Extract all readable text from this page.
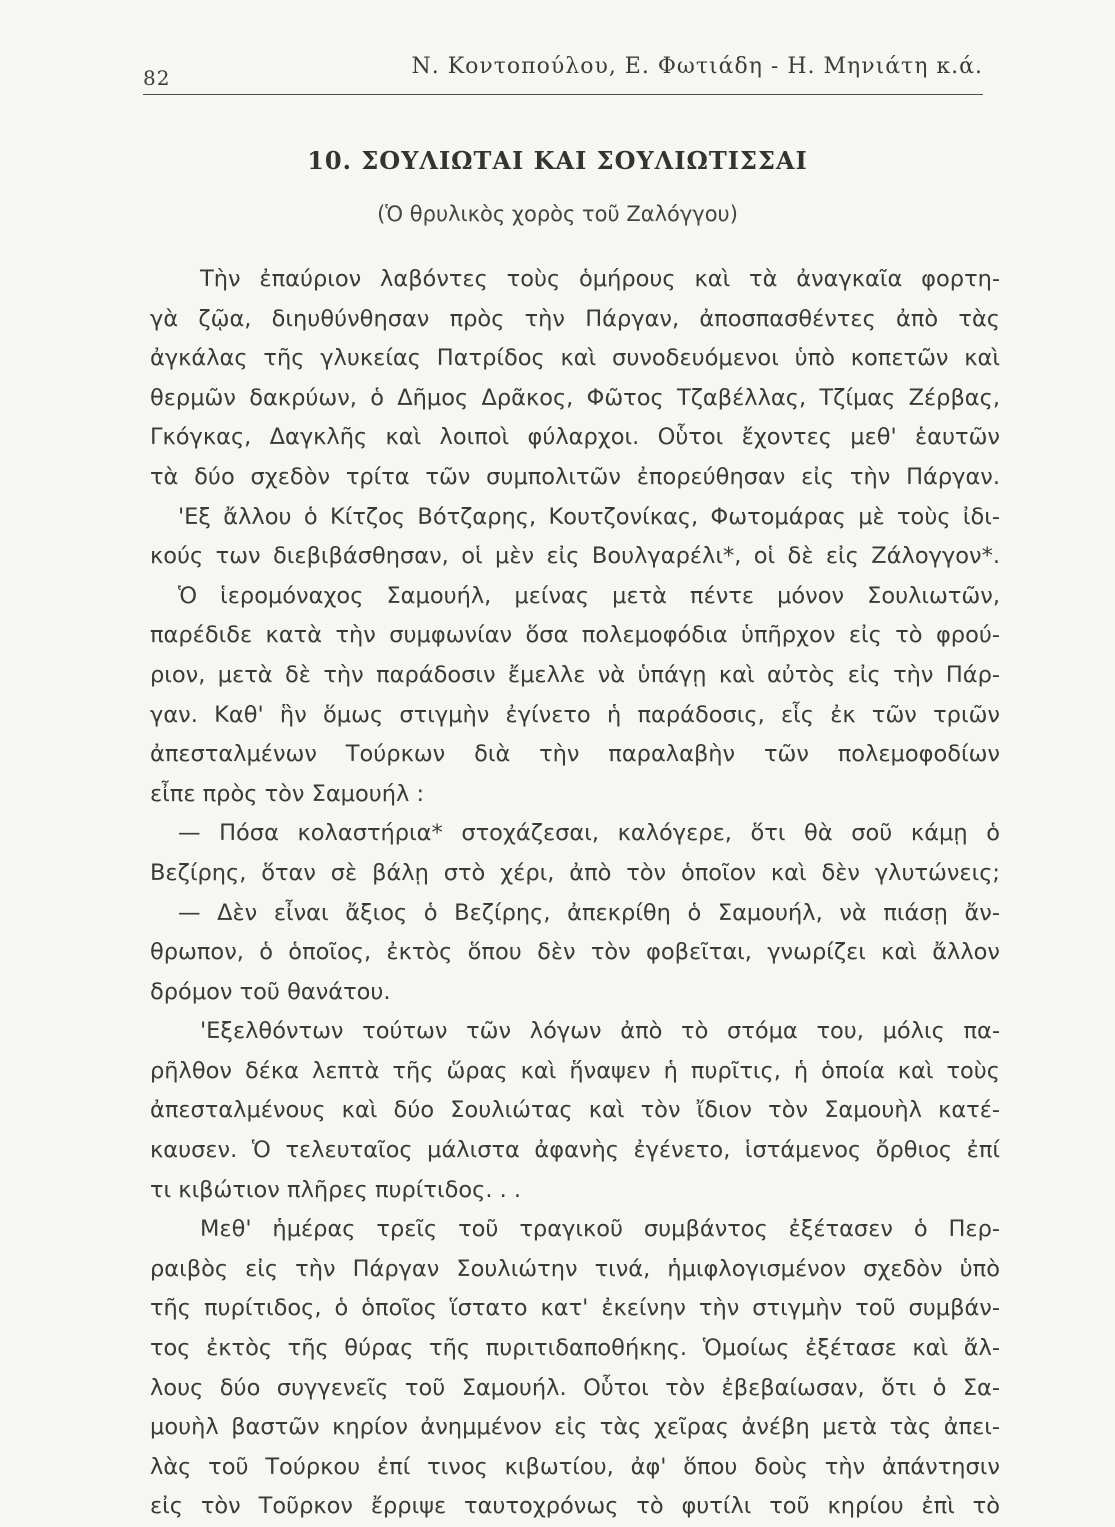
82	Ν. Κοντοπούλου, Ε. Φωτιάδη - Η. Μηνιάτη κ.ά.
10. ΣΟΥΛΙΩΤΑΙ ΚΑΙ ΣΟΥΛΙΩΤΙΣΣΑΙ
(Ὁ θρυλικὸς χορὸς τοῦ Ζαλόγγου)
Τὴν ἐπαύριον λαβόντες τοὺς ὁμήρους καὶ τὰ ἀναγκαῖα φορτη-
γὰ ζῷα, διηυθύνθησαν πρὸς τὴν Πάργαν, ἀποσπασθέντες ἀπὸ τὰς
ἀγκάλας τῆς γλυκείας Πατρίδος καὶ συνοδευόμενοι ὑπὸ κοπετῶν καὶ
θερμῶν δακρύων, ὁ Δῆμος Δρᾶκος, Φῶτος Τζαβέλλας, Τζίμας Ζέρβας,
Γκόγκας, Δαγκλῆς καὶ λοιποὶ φύλαρχοι. Οὗτοι ἔχοντες μεθ' ἑαυτῶν
τὰ δύο σχεδὸν τρίτα τῶν συμπολιτῶν ἐπορεύθησαν εἰς τὴν Πάργαν.
'Εξ ἄλλου ὁ Κίτζος Βότζαρης, Κουτζονίκας, Φωτομάρας μὲ τοὺς ἰδι-
κούς των διεβιβάσθησαν, οἱ μὲν εἰς Βουλγαρέλι*, οἱ δὲ εἰς Ζάλογγον*.
Ὁ ἱερομόναχος Σαμουήλ, μείνας μετὰ πέντε μόνον Σουλιωτῶν,
παρέδιδε κατὰ τὴν συμφωνίαν ὅσα πολεμοφόδια ὑπῆρχον εἰς τὸ φρού-
ριον, μετὰ δὲ τὴν παράδοσιν ἔμελλε νὰ ὑπάγῃ καὶ αὐτὸς εἰς τὴν Πάρ-
γαν. Καθ' ἣν ὅμως στιγμὴν ἐγίνετο ἡ παράδοσις, εἷς ἐκ τῶν τριῶν
ἀπεσταλμένων Τούρκων διὰ τὴν παραλαβὴν τῶν πολεμοφοδίων
εἶπε πρὸς τὸν Σαμουήλ :
— Πόσα κολαστήρια* στοχάζεσαι, καλόγερε, ὅτι θὰ σοῦ κάμῃ ὁ
Βεζίρης, ὅταν σὲ βάλῃ στὸ χέρι, ἀπὸ τὸν ὁποῖον καὶ δὲν γλυτώνεις;
— Δὲν εἶναι ἄξιος ὁ Βεζίρης, ἀπεκρίθη ὁ Σαμουήλ, νὰ πιάσῃ ἄν-
θρωπον, ὁ ὁποῖος, ἐκτὸς ὅπου δὲν τὸν φοβεῖται, γνωρίζει καὶ ἄλλον
δρόμον τοῦ θανάτου.
'Εξελθόντων τούτων τῶν λόγων ἀπὸ τὸ στόμα του, μόλις πα-
ρῆλθον δέκα λεπτὰ τῆς ὥρας καὶ ἥναψεν ἡ πυρῖτις, ἡ ὁποία καὶ τοὺς
ἀπεσταλμένους καὶ δύο Σουλιώτας καὶ τὸν ἴδιον τὸν Σαμουὴλ κατέ-
καυσεν. Ὁ τελευταῖος μάλιστα ἀφανὴς ἐγένετο, ἱστάμενος ὄρθιος ἐπί
τι κιβώτιον πλῆρες πυρίτιδος. . .
Μεθ' ἡμέρας τρεῖς τοῦ τραγικοῦ συμβάντος ἐξέτασεν ὁ Περ-
ραιβὸς εἰς τὴν Πάργαν Σουλιώτην τινά, ἡμιφλογισμένον σχεδὸν ὑπὸ
τῆς πυρίτιδος, ὁ ὁποῖος ἵστατο κατ' ἐκείνην τὴν στιγμὴν τοῦ συμβάν-
τος ἐκτὸς τῆς θύρας τῆς πυριτιδαποθήκης. Ὁμοίως ἐξέτασε καὶ ἄλ-
λους δύο συγγενεῖς τοῦ Σαμουήλ. Οὗτοι τὸν ἐβεβαίωσαν, ὅτι ὁ Σα-
μουὴλ βαστῶν κηρίον ἀνημμένον εἰς τὰς χεῖρας ἀνέβη μετὰ τὰς ἀπει-
λὰς τοῦ Τούρκου ἐπί τινος κιβωτίου, ἀφ' ὅπου δοὺς τὴν ἀπάντησιν
εἰς τὸν Τοῦρκον ἔρριψε ταυτοχρόνως τὸ φυτίλι τοῦ κηρίου ἐπὶ τὸ
